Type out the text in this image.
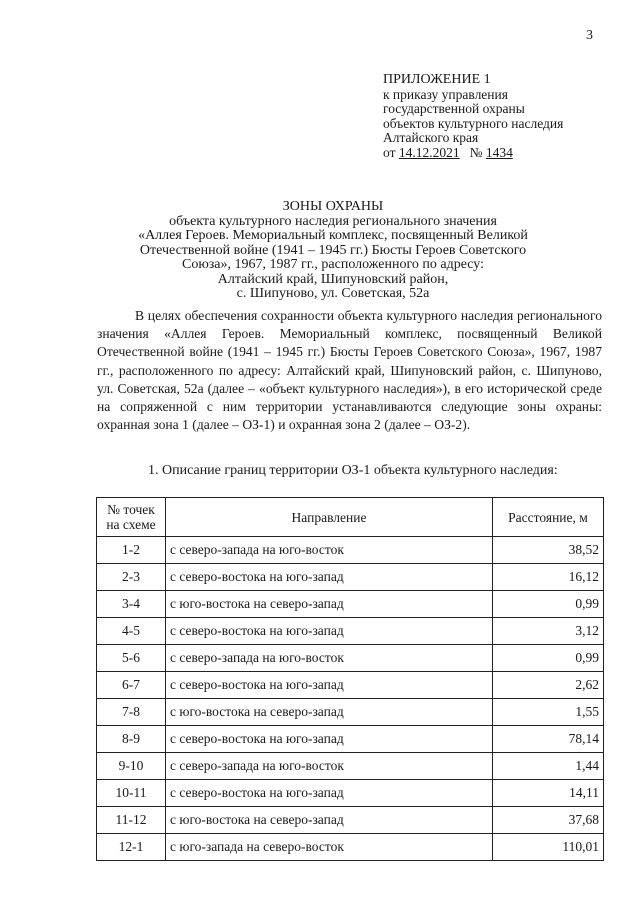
3
ПРИЛОЖЕНИЕ 1
к приказу управления
государственной охраны
объектов культурного наследия
Алтайского края
от 14.12.2021 № 1434
ЗОНЫ ОХРАНЫ
объекта культурного наследия регионального значения
«Аллея Героев. Мемориальный комплекс, посвященный Великой
Отечественной войне (1941 – 1945 гг.) Бюсты Героев Советского
Союза», 1967, 1987 гг., расположенного по адресу:
Алтайский край, Шипуновский район,
с. Шипуново, ул. Советская, 52а
В целях обеспечения сохранности объекта культурного наследия регионального значения «Аллея Героев. Мемориальный комплекс, посвященный Великой Отечественной войне (1941 – 1945 гг.) Бюсты Героев Советского Союза», 1967, 1987 гг., расположенного по адресу: Алтайский край, Шипуновский район, с. Шипуново, ул. Советская, 52а (далее – «объект культурного наследия»), в его исторической среде на сопряженной с ним территории устанавливаются следующие зоны охраны: охранная зона 1 (далее – ОЗ-1) и охранная зона 2 (далее – ОЗ-2).
1. Описание границ территории ОЗ-1 объекта культурного наследия:
№ точек
на схеме	Направление	Расстояние, м
1-2	с северо-запада на юго-восток	38,52
2-3	с северо-востока на юго-запад	16,12
3-4	с юго-востока на северо-запад	0,99
4-5	с северо-востока на юго-запад	3,12
5-6	с северо-запада на юго-восток	0,99
6-7	с северо-востока на юго-запад	2,62
7-8	с юго-востока на северо-запад	1,55
8-9	с северо-востока на юго-запад	78,14
9-10	с северо-запада на юго-восток	1,44
10-11	с северо-востока на юго-запад	14,11
11-12	с юго-востока на северо-запад	37,68
12-1	с юго-запада на северо-восток	110,01
